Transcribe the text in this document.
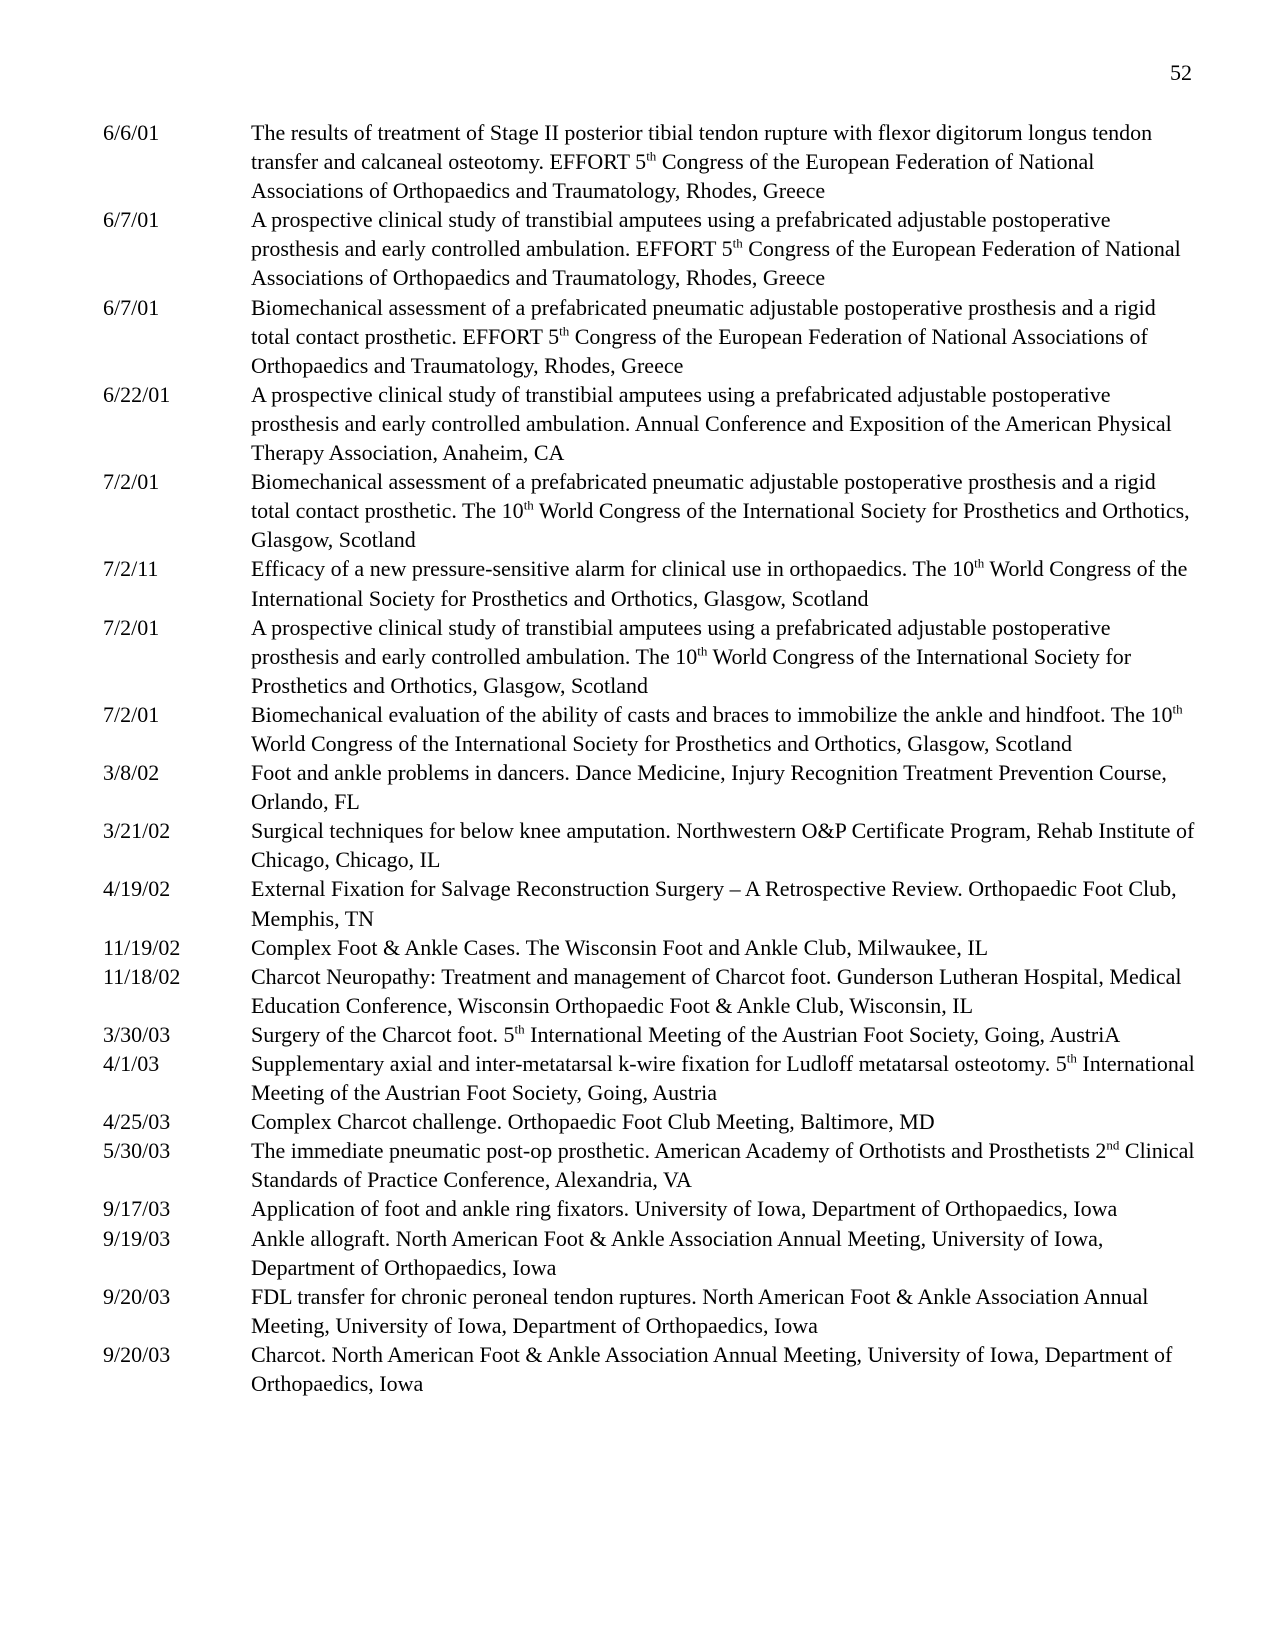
52
6/6/01	The results of treatment of Stage II posterior tibial tendon rupture with flexor digitorum longus tendon transfer and calcaneal osteotomy. EFFORT 5th Congress of the European Federation of National Associations of Orthopaedics and Traumatology, Rhodes, Greece
6/7/01	A prospective clinical study of transtibial amputees using a prefabricated adjustable postoperative prosthesis and early controlled ambulation. EFFORT 5th Congress of the European Federation of National Associations of Orthopaedics and Traumatology, Rhodes, Greece
6/7/01	Biomechanical assessment of a prefabricated pneumatic adjustable postoperative prosthesis and a rigid total contact prosthetic. EFFORT 5th Congress of the European Federation of National Associations of Orthopaedics and Traumatology, Rhodes, Greece
6/22/01	A prospective clinical study of transtibial amputees using a prefabricated adjustable postoperative prosthesis and early controlled ambulation. Annual Conference and Exposition of the American Physical Therapy Association, Anaheim, CA
7/2/01	Biomechanical assessment of a prefabricated pneumatic adjustable postoperative prosthesis and a rigid total contact prosthetic. The 10th World Congress of the International Society for Prosthetics and Orthotics, Glasgow, Scotland
7/2/11	Efficacy of a new pressure-sensitive alarm for clinical use in orthopaedics. The 10th World Congress of the International Society for Prosthetics and Orthotics, Glasgow, Scotland
7/2/01	A prospective clinical study of transtibial amputees using a prefabricated adjustable postoperative prosthesis and early controlled ambulation. The 10th World Congress of the International Society for Prosthetics and Orthotics, Glasgow, Scotland
7/2/01	Biomechanical evaluation of the ability of casts and braces to immobilize the ankle and hindfoot. The 10th World Congress of the International Society for Prosthetics and Orthotics, Glasgow, Scotland
3/8/02	Foot and ankle problems in dancers. Dance Medicine, Injury Recognition Treatment Prevention Course, Orlando, FL
3/21/02	Surgical techniques for below knee amputation. Northwestern O&P Certificate Program, Rehab Institute of Chicago, Chicago, IL
4/19/02	External Fixation for Salvage Reconstruction Surgery – A Retrospective Review. Orthopaedic Foot Club, Memphis, TN
11/19/02	Complex Foot & Ankle Cases. The Wisconsin Foot and Ankle Club, Milwaukee, IL
11/18/02	Charcot Neuropathy: Treatment and management of Charcot foot. Gunderson Lutheran Hospital, Medical Education Conference, Wisconsin Orthopaedic Foot & Ankle Club, Wisconsin, IL
3/30/03	Surgery of the Charcot foot. 5th International Meeting of the Austrian Foot Society, Going, AustriA
4/1/03	Supplementary axial and inter-metatarsal k-wire fixation for Ludloff metatarsal osteotomy. 5th International Meeting of the Austrian Foot Society, Going, Austria
4/25/03	Complex Charcot challenge. Orthopaedic Foot Club Meeting, Baltimore, MD
5/30/03	The immediate pneumatic post-op prosthetic. American Academy of Orthotists and Prosthetists 2nd Clinical Standards of Practice Conference, Alexandria, VA
9/17/03	Application of foot and ankle ring fixators. University of Iowa, Department of Orthopaedics, Iowa
9/19/03	Ankle allograft. North American Foot & Ankle Association Annual Meeting, University of Iowa, Department of Orthopaedics, Iowa
9/20/03	FDL transfer for chronic peroneal tendon ruptures. North American Foot & Ankle Association Annual Meeting, University of Iowa, Department of Orthopaedics, Iowa
9/20/03	Charcot. North American Foot & Ankle Association Annual Meeting, University of Iowa, Department of Orthopaedics, Iowa
